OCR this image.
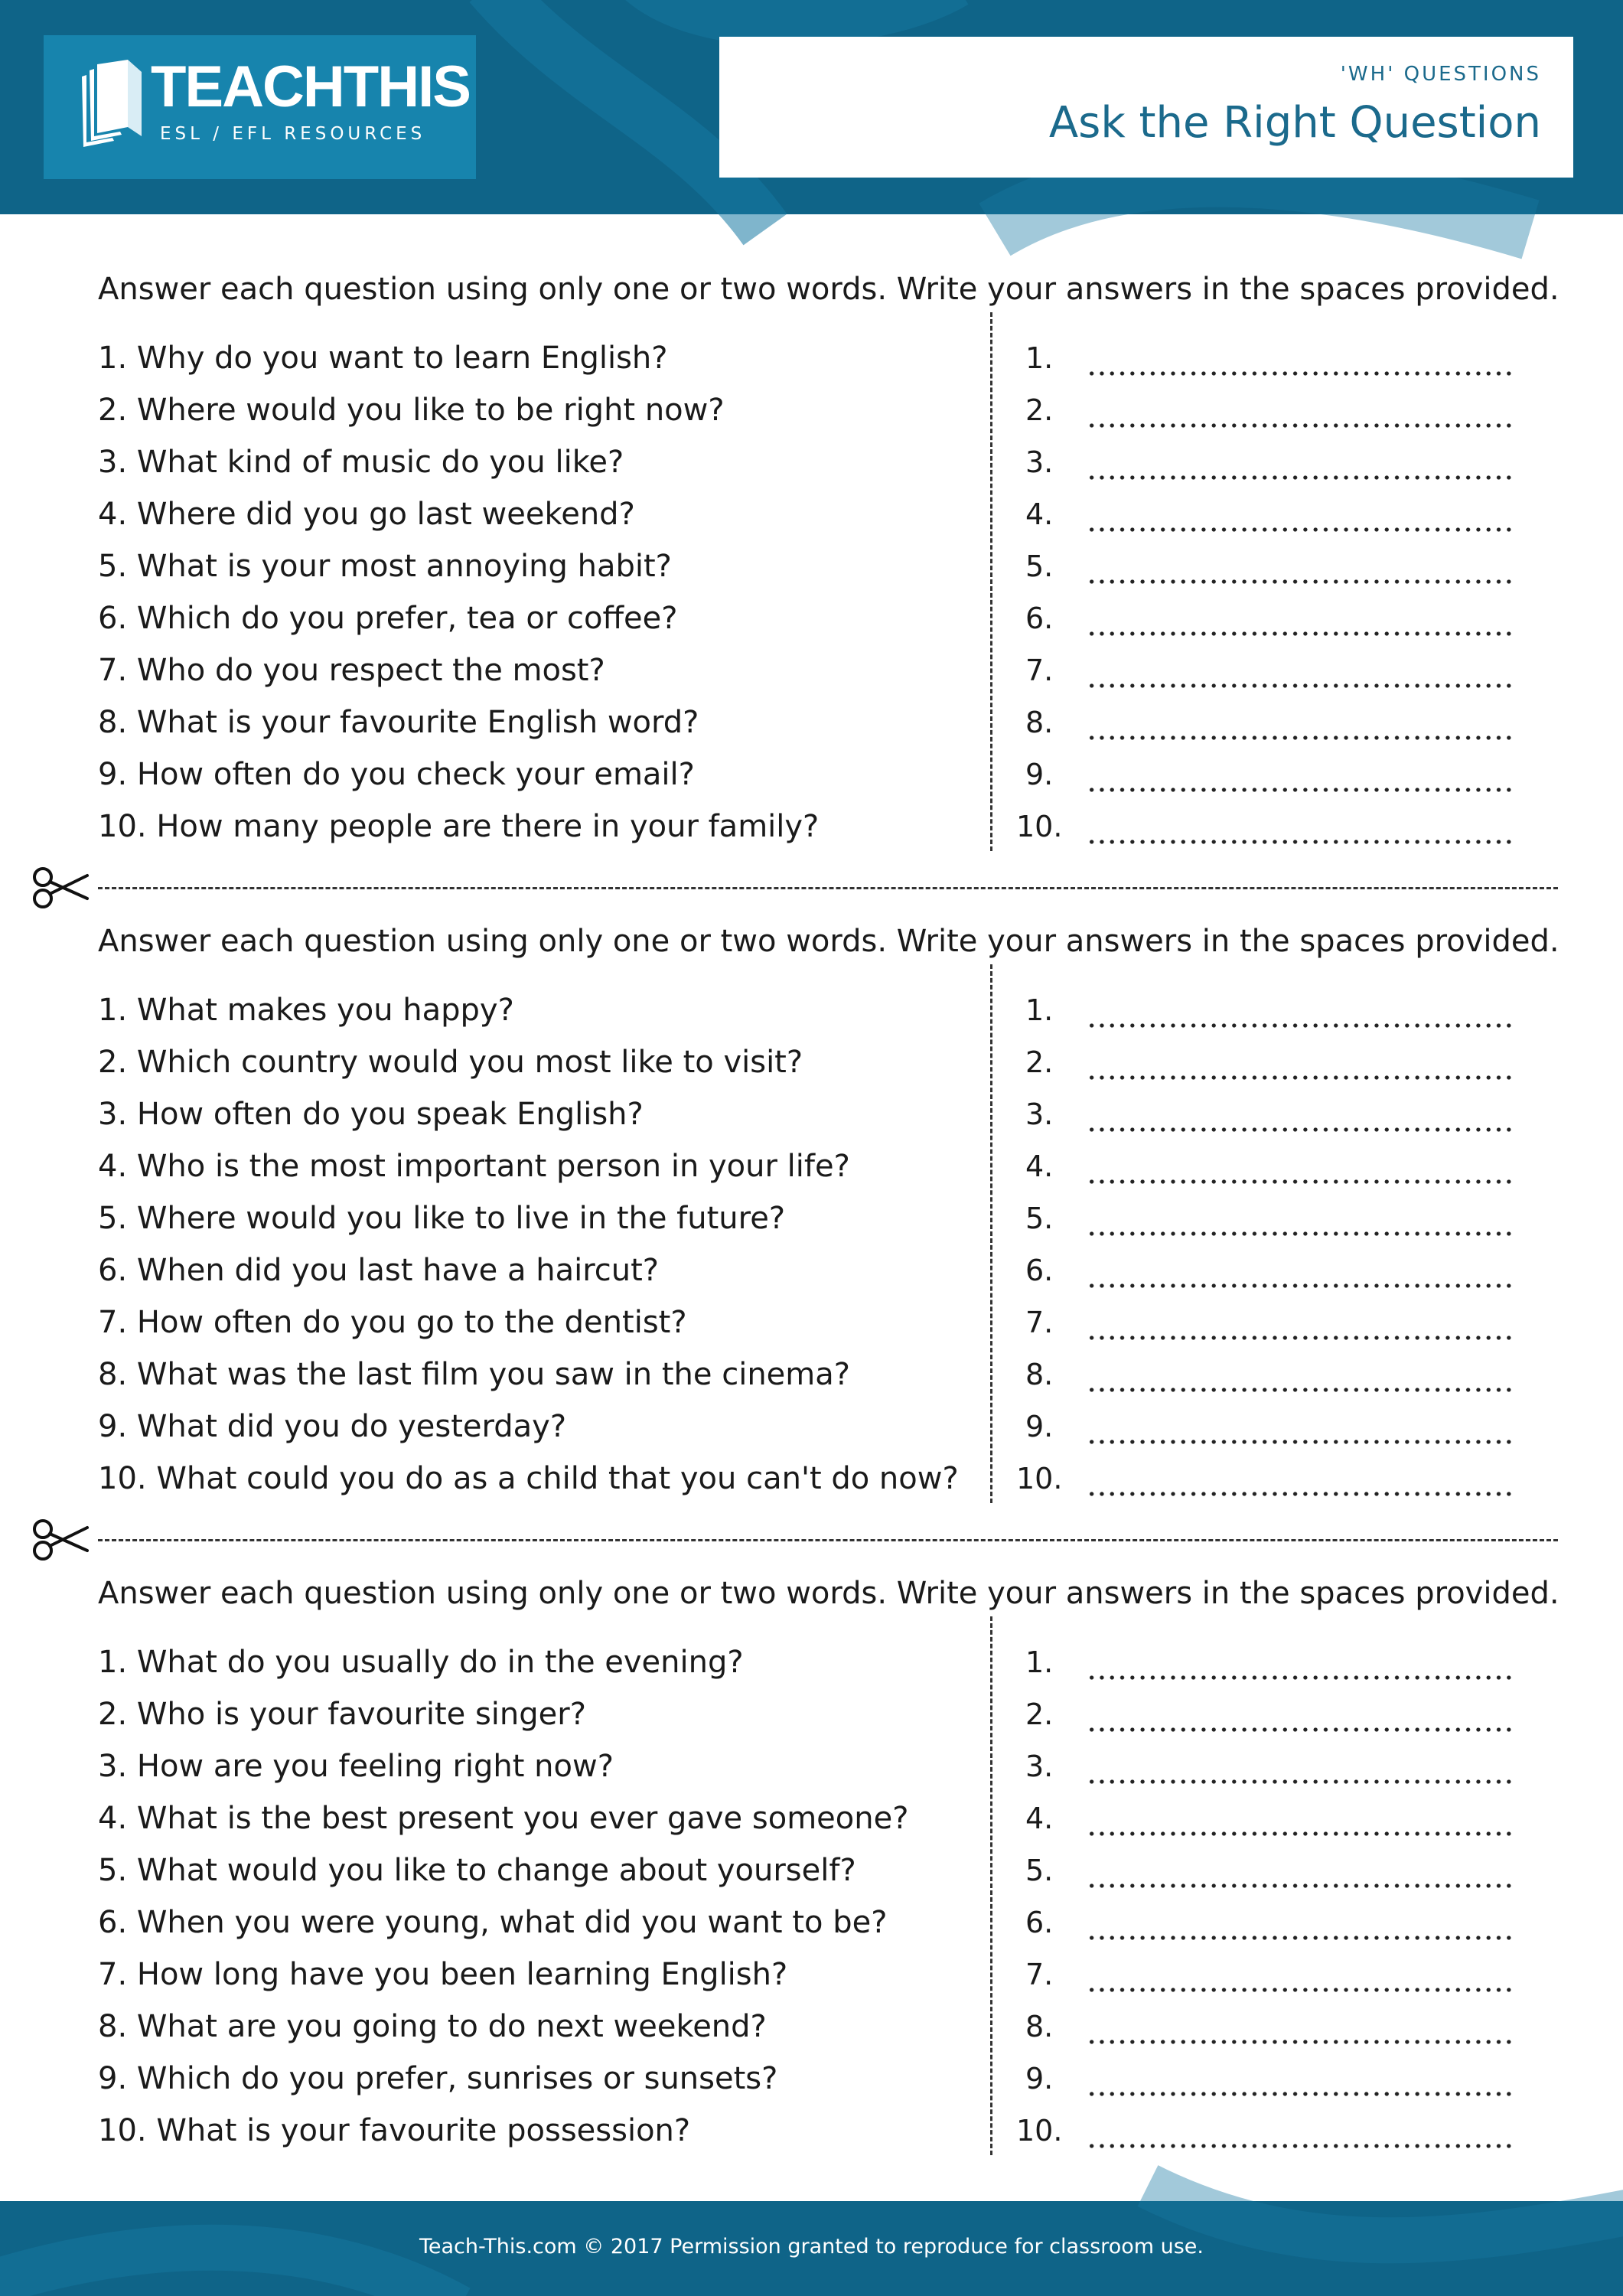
TEACHTHIS
ESL / EFL RESOURCES
'WH' QUESTIONS
Ask the Right Question
Answer each question using only one or two words. Write your answers in the spaces provided.
1. Why do you want to learn English?
2. Where would you like to be right now?
3. What kind of music do you like?
4. Where did you go last weekend?
5. What is your most annoying habit?
6. Which do you prefer, tea or coffee?
7. Who do you respect the most?
8. What is your favourite English word?
9. How often do you check your email?
10. How many people are there in your family?
1.
2.
3.
4.
5.
6.
7.
8.
9.
10.
Answer each question using only one or two words. Write your answers in the spaces provided.
1. What makes you happy?
2. Which country would you most like to visit?
3. How often do you speak English?
4. Who is the most important person in your life?
5. Where would you like to live in the future?
6. When did you last have a haircut?
7. How often do you go to the dentist?
8. What was the last film you saw in the cinema?
9. What did you do yesterday?
10. What could you do as a child that you can't do now?
1.
2.
3.
4.
5.
6.
7.
8.
9.
10.
Answer each question using only one or two words. Write your answers in the spaces provided.
1. What do you usually do in the evening?
2. Who is your favourite singer?
3. How are you feeling right now?
4. What is the best present you ever gave someone?
5. What would you like to change about yourself?
6. When you were young, what did you want to be?
7. How long have you been learning English?
8. What are you going to do next weekend?
9. Which do you prefer, sunrises or sunsets?
10. What is your favourite possession?
1.
2.
3.
4.
5.
6.
7.
8.
9.
10.
Teach-This.com © 2017 Permission granted to reproduce for classroom use.
